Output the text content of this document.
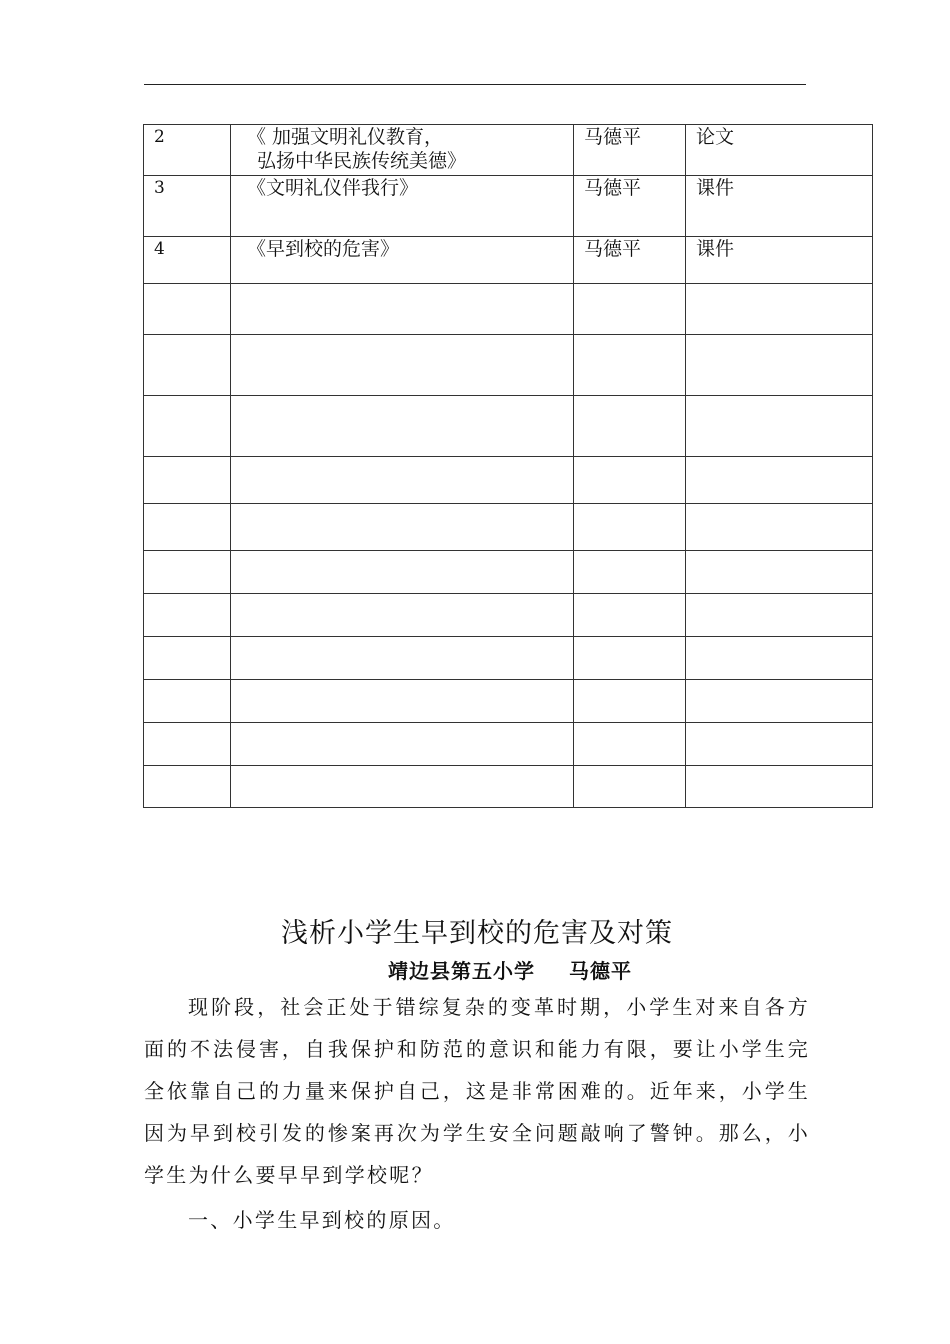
2	《 加强文明礼仪教育，
弘扬中华民族传统美德》	马德平	论文
3	《文明礼仪伴我行》	马德平	课件
4	《早到校的危害》	马德平	课件

浅析小学生早到校的危害及对策

靖边县第五小学 马德平

现阶段，社会正处于错综复杂的变革时期，小学生对来自各方面的不法侵害，自我保护和防范的意识和能力有限，要让小学生完全依靠自己的力量来保护自己，这是非常困难的。近年来，小学生因为早到校引发的惨案再次为学生安全问题敲响了警钟。那么，小学生为什么要早早到学校呢？

一、小学生早到校的原因。
